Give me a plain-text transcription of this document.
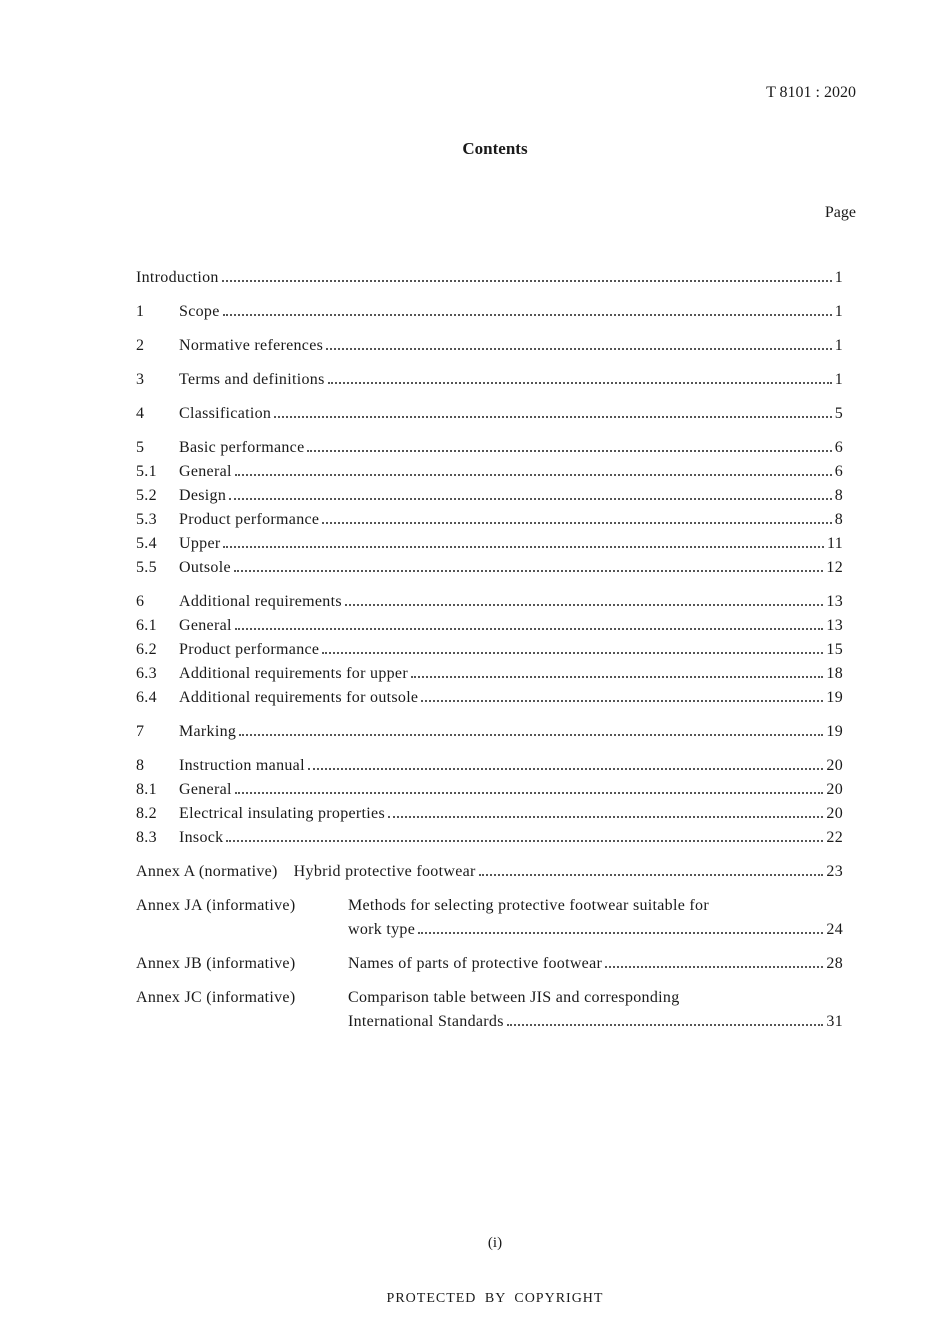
T 8101 : 2020
Contents
Page
Introduction	1
1	Scope	1
2	Normative references	1
3	Terms and definitions	1
4	Classification	5
5	Basic performance	6
5.1	General	6
5.2	Design	8
5.3	Product performance	8
5.4	Upper	11
5.5	Outsole	12
6	Additional requirements	13
6.1	General	13
6.2	Product performance	15
6.3	Additional requirements for upper	18
6.4	Additional requirements for outsole	19
7	Marking	19
8	Instruction manual	20
8.1	General	20
8.2	Electrical insulating properties	20
8.3	Insock	22
Annex A (normative) Hybrid protective footwear	23
Annex JA (informative)	Methods for selecting protective footwear suitable for
work type	24
Annex JB (informative)	Names of parts of protective footwear	28
Annex JC (informative)	Comparison table between JIS and corresponding
International Standards	31
(i)
PROTECTED BY COPYRIGHT
